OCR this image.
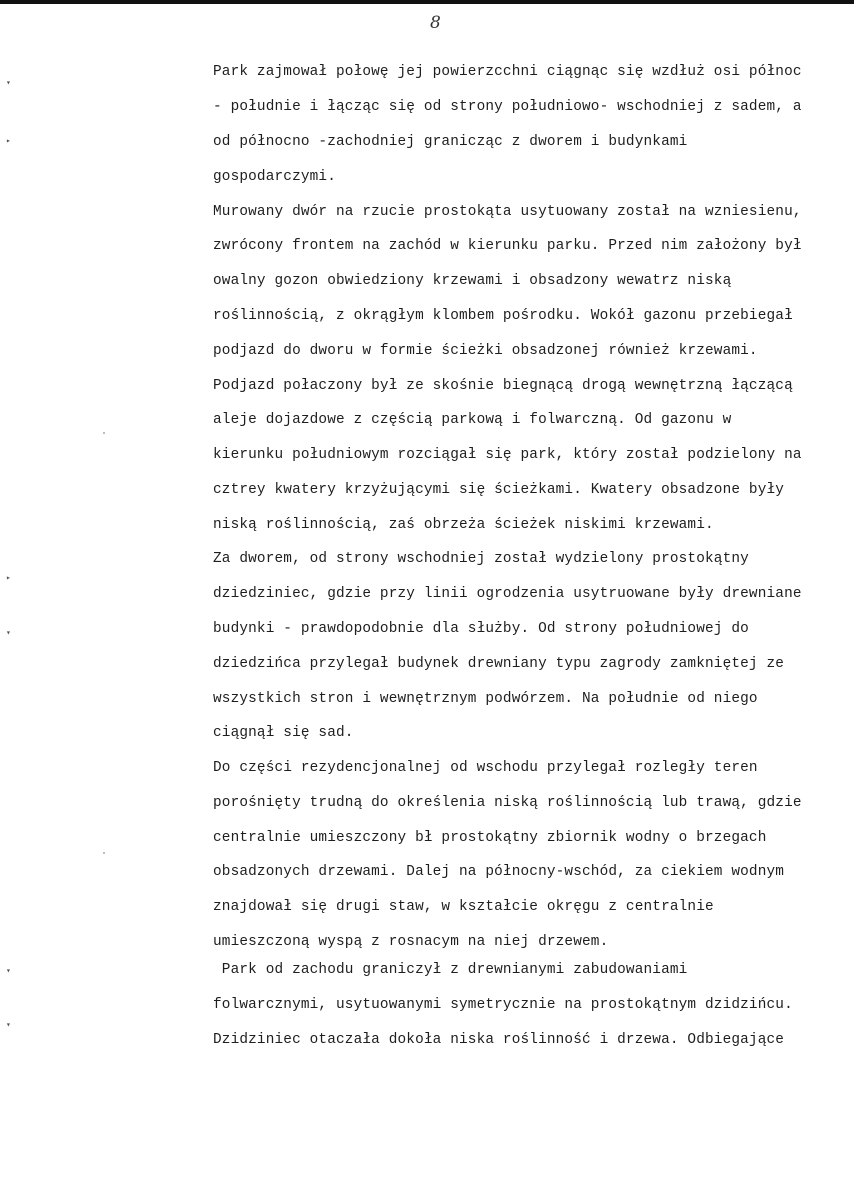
8
▾
▸
▸
▾
▾
▾
Park zajmował połowę jej powierzcchni ciągnąc się wzdłuż osi północ
- południe i łącząc się od strony południowo- wschodniej z sadem, a
od północno -zachodniej granicząc z dworem i budynkami
gospodarczymi.
Murowany dwór na rzucie prostokąta usytuowany został na wzniesienu,
zwrócony frontem na zachód w kierunku parku. Przed nim założony był
owalny gozon obwiedziony krzewami i obsadzony wewatrz niską
roślinnością, z okrągłym klombem pośrodku. Wokół gazonu przebiegał
podjazd do dworu w formie ścieżki obsadzonej również krzewami.
Podjazd połaczony był ze skośnie biegnącą drogą wewnętrzną łączącą
aleje dojazdowe z częścią parkową i folwarczną. Od gazonu w
kierunku południowym rozciągał się park, który został podzielony na
cztrey kwatery krzyżującymi się ścieżkami. Kwatery obsadzone były
niską roślinnością, zaś obrzeża ścieżek niskimi krzewami.
Za dworem, od strony wschodniej został wydzielony prostokątny
dziedziniec, gdzie przy linii ogrodzenia usytruowane były drewniane
budynki - prawdopodobnie dla służby. Od strony południowej do
dziedzińca przylegał budynek drewniany typu zagrody zamkniętej ze
wszystkich stron i wewnętrznym podwórzem. Na południe od niego
ciągnął się sad.
Do części rezydencjonalnej od wschodu przylegał rozległy teren
porośnięty trudną do określenia niską roślinnością lub trawą, gdzie
centralnie umieszczony bł prostokątny zbiornik wodny o brzegach
obsadzonych drzewami. Dalej na północny-wschód, za ciekiem wodnym
znajdował się drugi staw, w kształcie okręgu z centralnie
umieszczoną wyspą z rosnacym na niej drzewem.
Park od zachodu graniczył z drewnianymi zabudowaniami
folwarcznymi, usytuowanymi symetrycznie na prostokątnym dzidzińcu.
Dzidziniec otaczała dokoła niska roślinność i drzewa. Odbiegające
